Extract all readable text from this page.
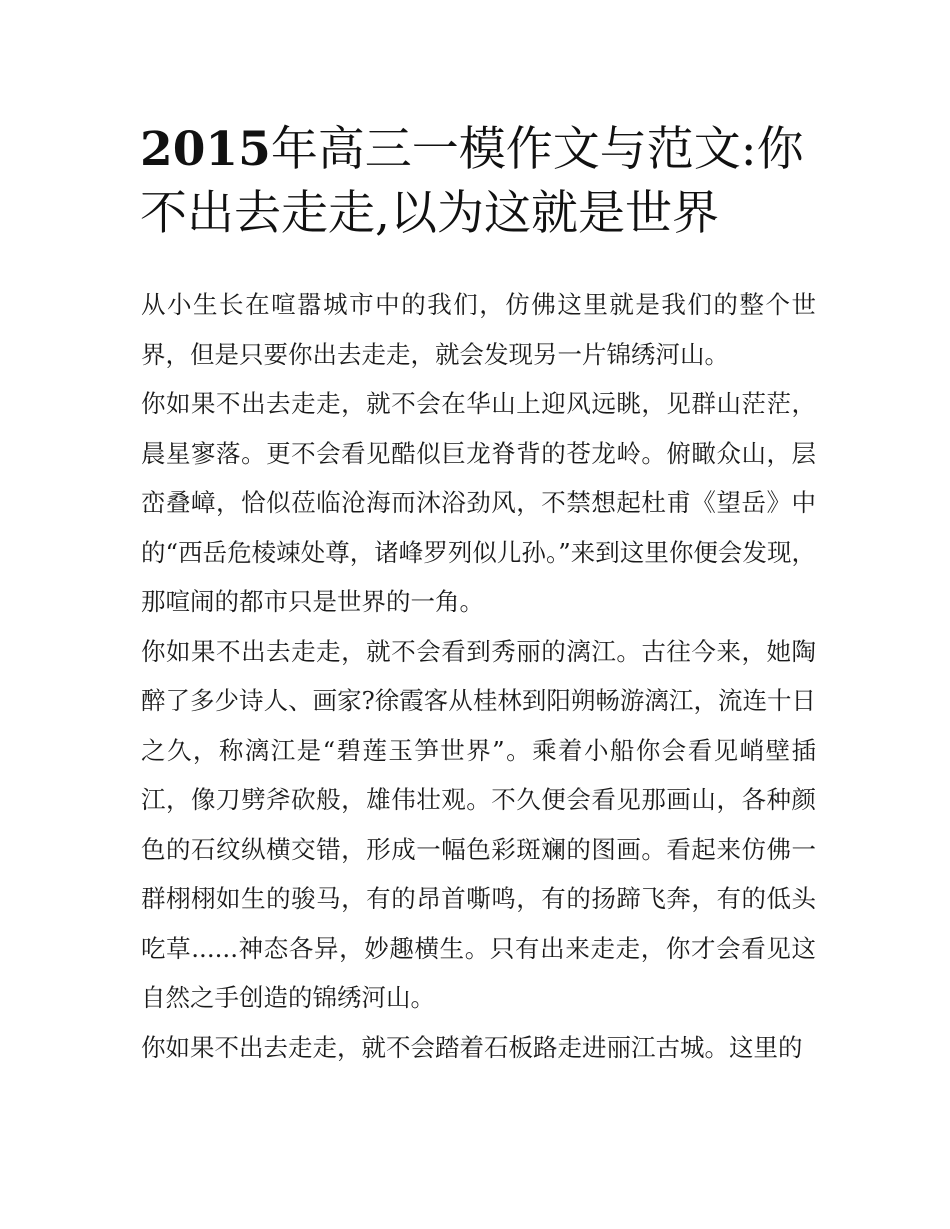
2015年高三一模作文与范文:你不出去走走,以为这就是世界

从小生长在喧嚣城市中的我们，仿佛这里就是我们的整个世界，但是只要你出去走走，就会发现另一片锦绣河山。

你如果不出去走走，就不会在华山上迎风远眺，见群山茫茫，晨星寥落。更不会看见酷似巨龙脊背的苍龙岭。俯瞰众山，层峦叠嶂，恰似莅临沧海而沐浴劲风，不禁想起杜甫《望岳》中的“西岳危棱竦处尊，诸峰罗列似儿孙。”来到这里你便会发现，那喧闹的都市只是世界的一角。

你如果不出去走走，就不会看到秀丽的漓江。古往今来，她陶醉了多少诗人、画家?徐霞客从桂林到阳朔畅游漓江，流连十日之久，称漓江是“碧莲玉笋世界”。乘着小船你会看见峭壁插江，像刀劈斧砍般，雄伟壮观。不久便会看见那画山，各种颜色的石纹纵横交错，形成一幅色彩斑斓的图画。看起来仿佛一群栩栩如生的骏马，有的昂首嘶鸣，有的扬蹄飞奔，有的低头吃草......神态各异，妙趣横生。只有出来走走，你才会看见这自然之手创造的锦绣河山。

你如果不出去走走，就不会踏着石板路走进丽江古城。这里的
